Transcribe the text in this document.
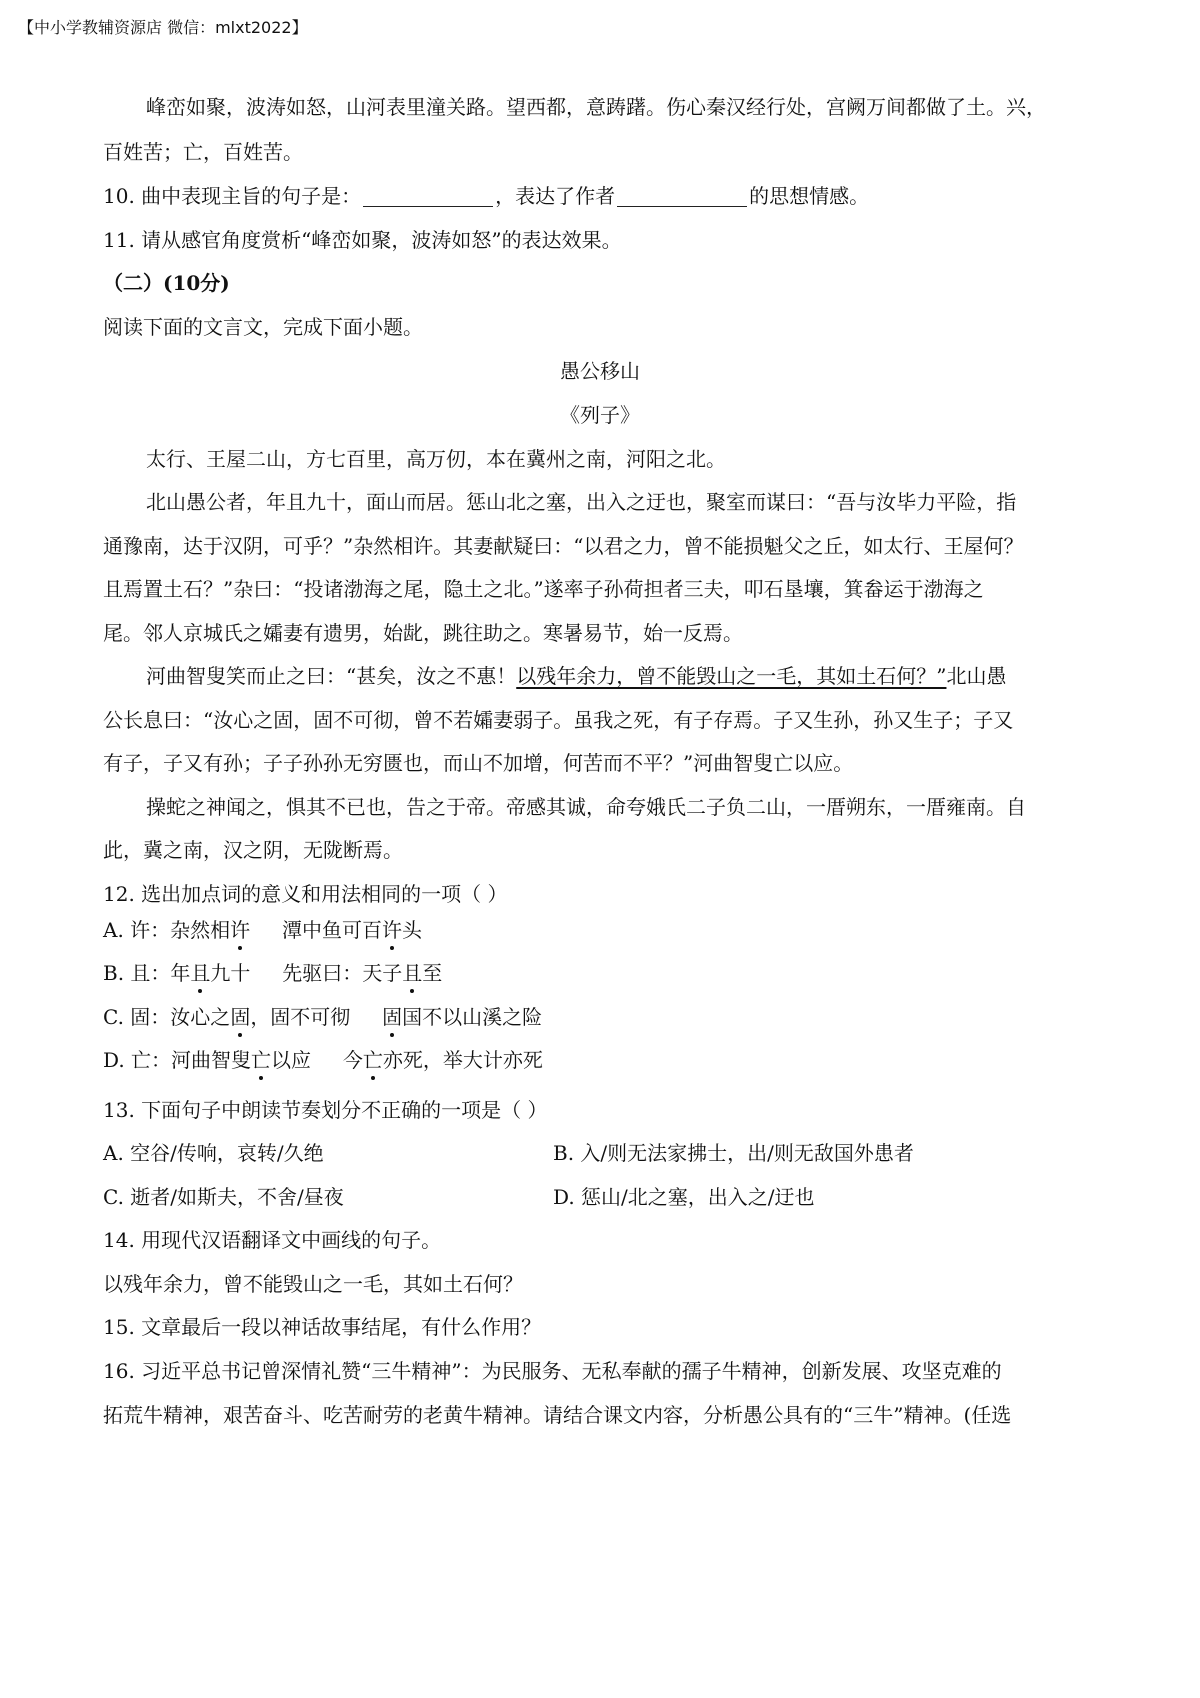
【中小学教辅资源店 微信：mlxt2022】
峰峦如聚，波涛如怒，山河表里潼关路。望西都，意踌躇。伤心秦汉经行处，宫阙万间都做了土。兴，
百姓苦；亡，百姓苦。
10. 曲中表现主旨的句子是：	，表达了作者	的思想情感。
11. 请从感官角度赏析“峰峦如聚，波涛如怒”的表达效果。
（二）(10分)
阅读下面的文言文，完成下面小题。
愚公移山
《列子》
太行、王屋二山，方七百里，高万仞，本在冀州之南，河阳之北。
北山愚公者，年且九十，面山而居。惩山北之塞，出入之迂也，聚室而谋曰：“吾与汝毕力平险，指
通豫南，达于汉阴，可乎？”杂然相许。其妻献疑曰：“以君之力，曾不能损魁父之丘，如太行、王屋何？
且焉置土石？”杂曰：“投诸渤海之尾，隐土之北。”遂率子孙荷担者三夫，叩石垦壤，箕畚运于渤海之
尾。邻人京城氏之孀妻有遗男，始龀，跳往助之。寒暑易节，始一反焉。
河曲智叟笑而止之曰：“甚矣，汝之不惠！以残年余力，曾不能毁山之一毛，其如土石何？”北山愚
公长息曰：“汝心之固，固不可彻，曾不若孀妻弱子。虽我之死，有子存焉。子又生孙，孙又生子；子又
有子，子又有孙；子子孙孙无穷匮也，而山不加增，何苦而不平？”河曲智叟亡以应。
操蛇之神闻之，惧其不已也，告之于帝。帝感其诚，命夸娥氏二子负二山，一厝朔东，一厝雍南。自
此，冀之南，汉之阴，无陇断焉。
12. 选出加点词的意义和用法相同的一项（ ）
A. 许：杂然相许     潭中鱼可百许头
B. 且：年且九十     先驱曰：天子且至
C. 固：汝心之固，固不可彻     固国不以山溪之险
D. 亡：河曲智叟亡以应     今亡亦死，举大计亦死
13. 下面句子中朗读节奏划分不正确的一项是（ ）
A. 空谷/传响，哀转/久绝	B. 入/则无法家拂士，出/则无敌国外患者
C. 逝者/如斯夫，不舍/昼夜	D. 惩山/北之塞，出入之/迂也
14. 用现代汉语翻译文中画线的句子。
以残年余力，曾不能毁山之一毛，其如土石何？
15. 文章最后一段以神话故事结尾，有什么作用？
16. 习近平总书记曾深情礼赞“三牛精神”：为民服务、无私奉献的孺子牛精神，创新发展、攻坚克难的
拓荒牛精神，艰苦奋斗、吃苦耐劳的老黄牛精神。请结合课文内容，分析愚公具有的“三牛”精神。(任选
